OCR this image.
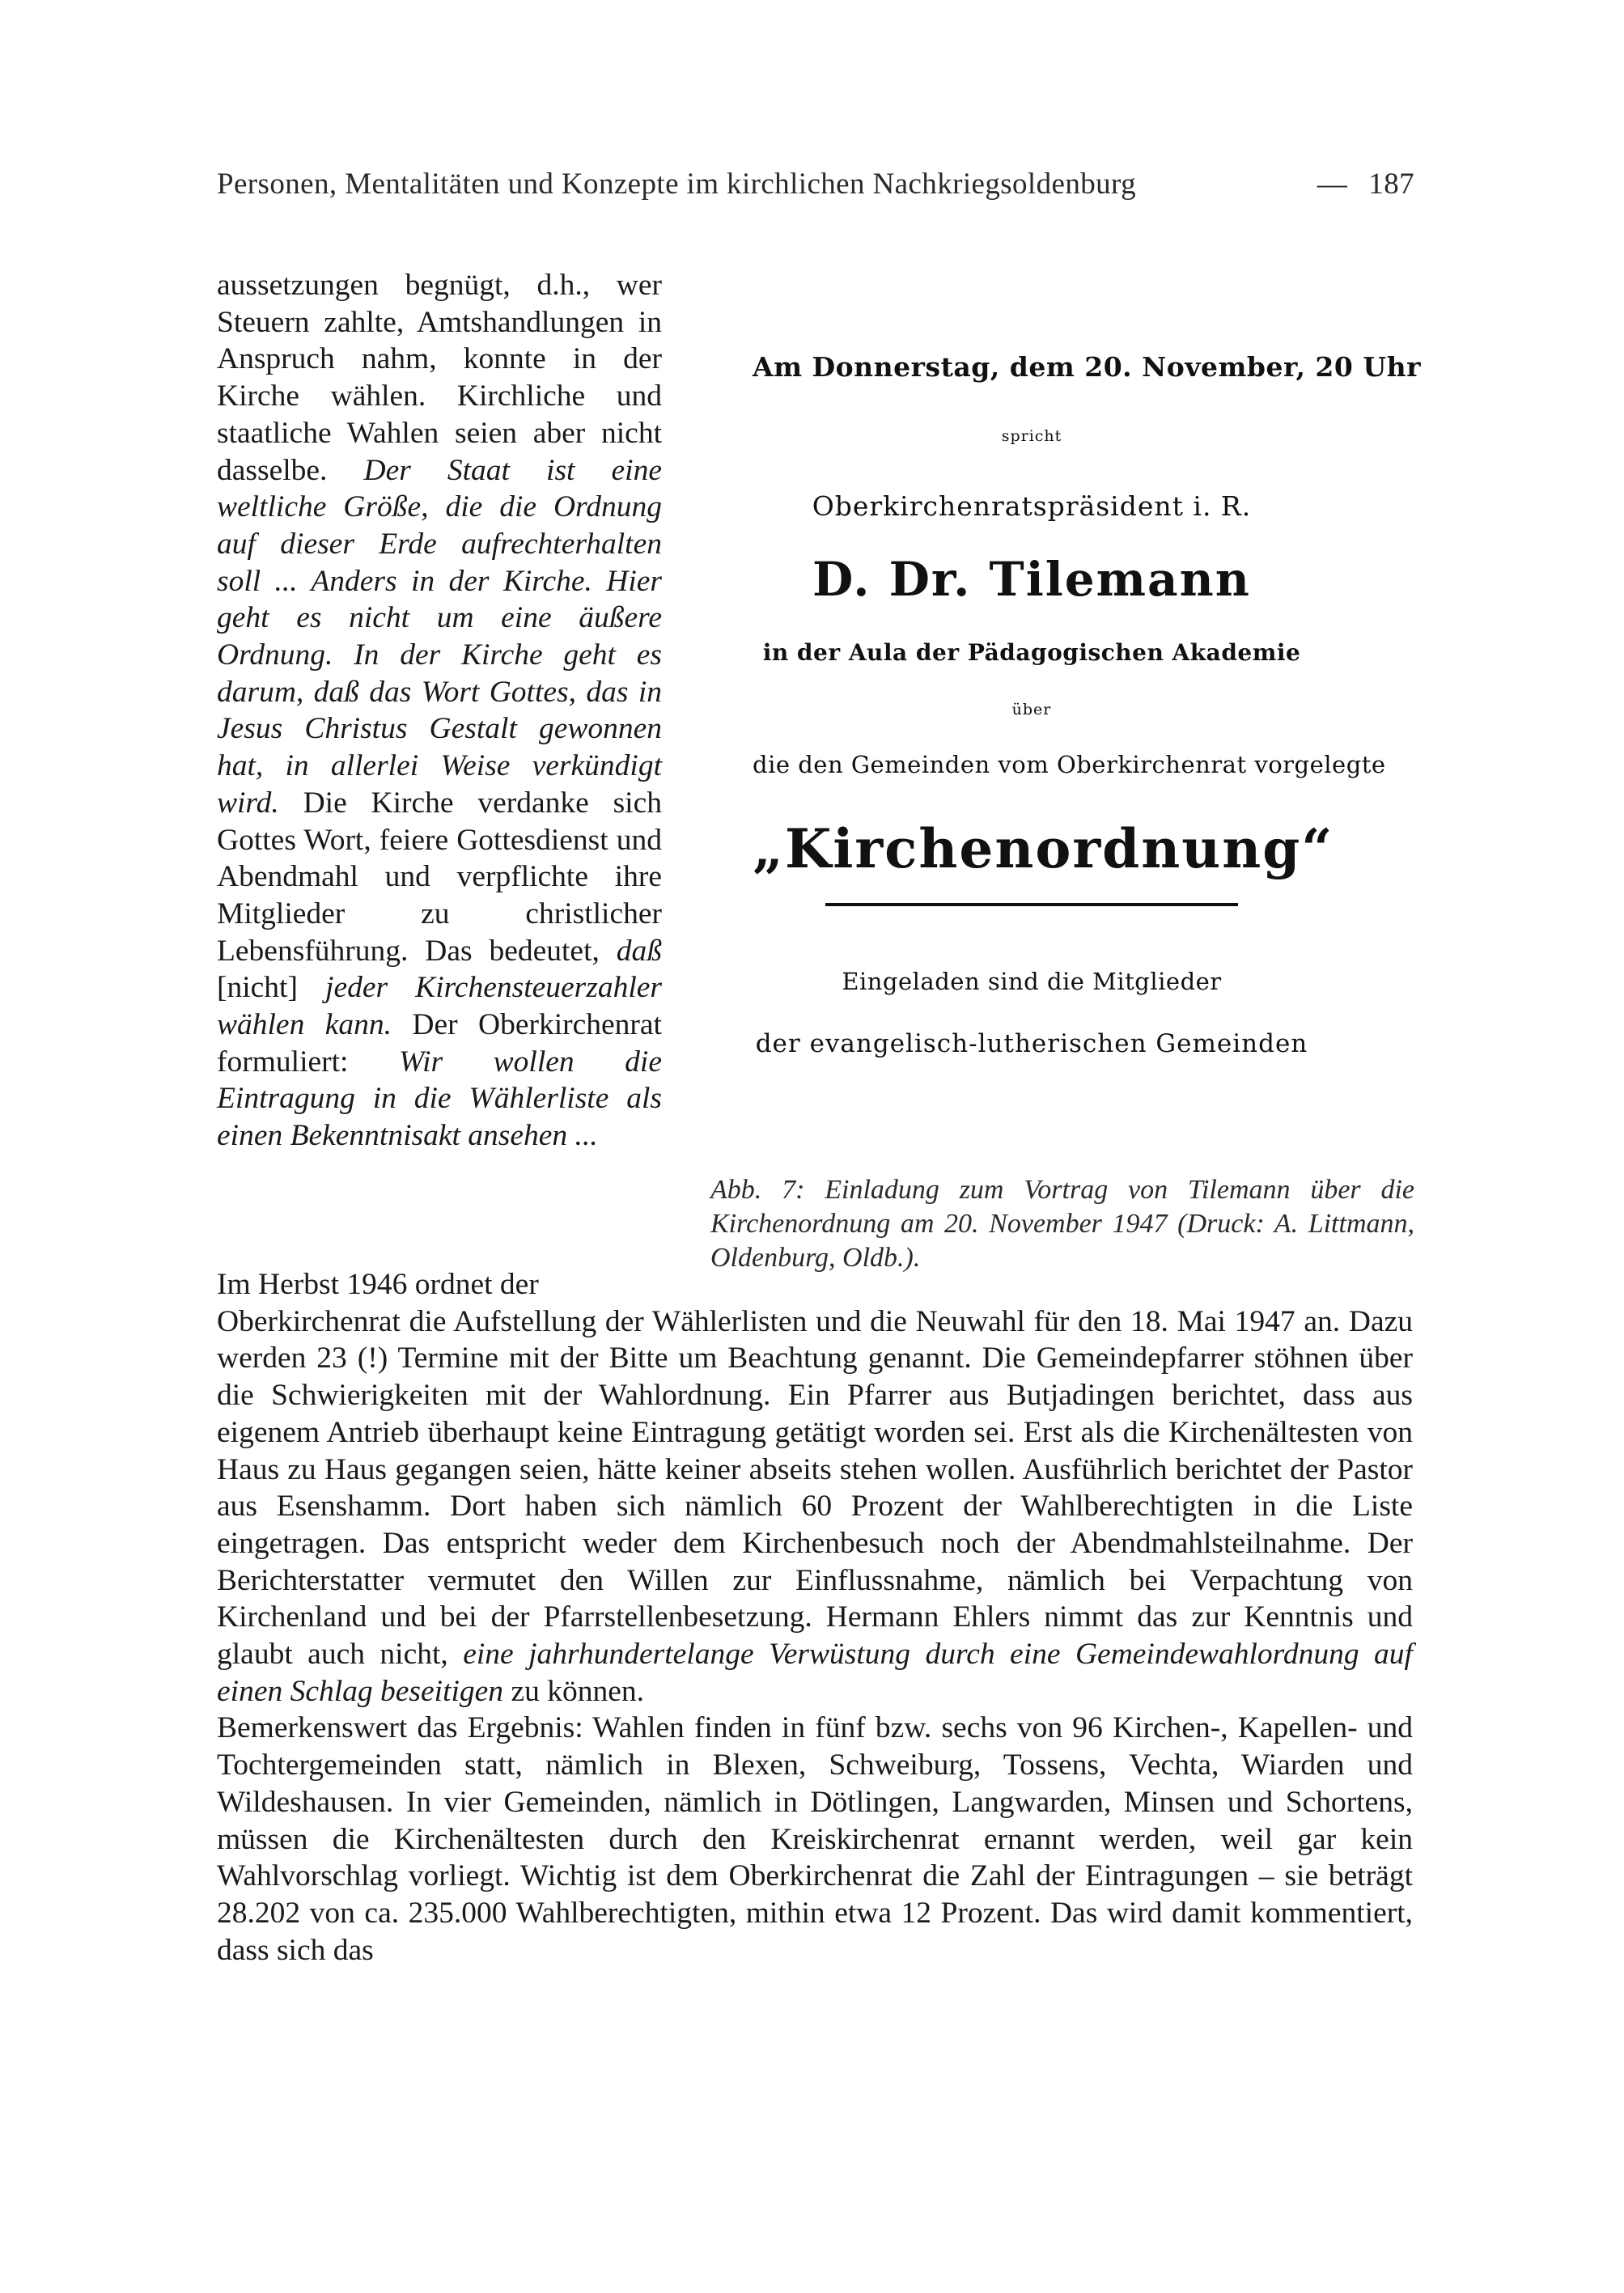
Personen, Mentalitäten und Konzepte im kirchlichen Nachkriegsoldenburg	— 187

aussetzungen begnügt, d.h., wer Steuern zahlte, Amtshandlungen in Anspruch nahm, konnte in der Kirche wählen. Kirchliche und staatliche Wahlen seien aber nicht dasselbe. Der Staat ist eine weltliche Größe, die die Ordnung auf dieser Erde aufrechterhalten soll ... Anders in der Kirche. Hier geht es nicht um eine äußere Ordnung. In der Kirche geht es darum, daß das Wort Gottes, das in Jesus Christus Gestalt gewonnen hat, in allerlei Weise verkündigt wird. Die Kirche verdanke sich Gottes Wort, feiere Gottesdienst und Abendmahl und verpflichte ihre Mitglieder zu christlicher Lebensführung. Das bedeutet, daß [nicht] jeder Kirchensteuerzahler wählen kann. Der Oberkirchenrat formuliert: Wir wollen die Eintragung in die Wählerliste als einen Bekenntnisakt ansehen ...

Am Donnerstag, dem 20. November, 20 Uhr
spricht
Oberkirchenratspräsident i. R.
D. Dr. Tilemann
in der Aula der Pädagogischen Akademie
über
die den Gemeinden vom Oberkirchenrat vorgelegte
„Kirchenordnung“
Eingeladen sind die Mitglieder
der evangelisch-lutherischen Gemeinden
Abb. 7: Einladung zum Vortrag von Tilemann über die Kirchenordnung am 20. November 1947 (Druck: A. Littmann, Oldenburg, Oldb.).

Im Herbst 1946 ordnet der
Oberkirchenrat die Aufstellung der Wählerlisten und die Neuwahl für den 18. Mai 1947 an. Dazu werden 23 (!) Termine mit der Bitte um Beachtung genannt. Die Gemeindepfarrer stöhnen über die Schwierigkeiten mit der Wahlordnung. Ein Pfarrer aus Butjadingen berichtet, dass aus eigenem Antrieb überhaupt keine Eintragung getätigt worden sei. Erst als die Kirchenältesten von Haus zu Haus gegangen seien, hätte keiner abseits stehen wollen. Ausführlich berichtet der Pastor aus Esenshamm. Dort haben sich nämlich 60 Prozent der Wahlberechtigten in die Liste eingetragen. Das entspricht weder dem Kirchenbesuch noch der Abendmahlsteilnahme. Der Berichterstatter vermutet den Willen zur Einflussnahme, nämlich bei Verpachtung von Kirchenland und bei der Pfarrstellenbesetzung. Hermann Ehlers nimmt das zur Kenntnis und glaubt auch nicht, eine jahrhundertelange Verwüstung durch eine Gemeindewahlordnung auf einen Schlag beseitigen zu können.

Bemerkenswert das Ergebnis: Wahlen finden in fünf bzw. sechs von 96 Kirchen-, Kapellen- und Tochtergemeinden statt, nämlich in Blexen, Schweiburg, Tossens, Vechta, Wiarden und Wildeshausen. In vier Gemeinden, nämlich in Dötlingen, Langwarden, Minsen und Schortens, müssen die Kirchenältesten durch den Kreiskirchenrat ernannt werden, weil gar kein Wahlvorschlag vorliegt. Wichtig ist dem Oberkirchenrat die Zahl der Eintragungen – sie beträgt 28.202 von ca. 235.000 Wahlberechtigten, mithin etwa 12 Prozent. Das wird damit kommentiert, dass sich das
